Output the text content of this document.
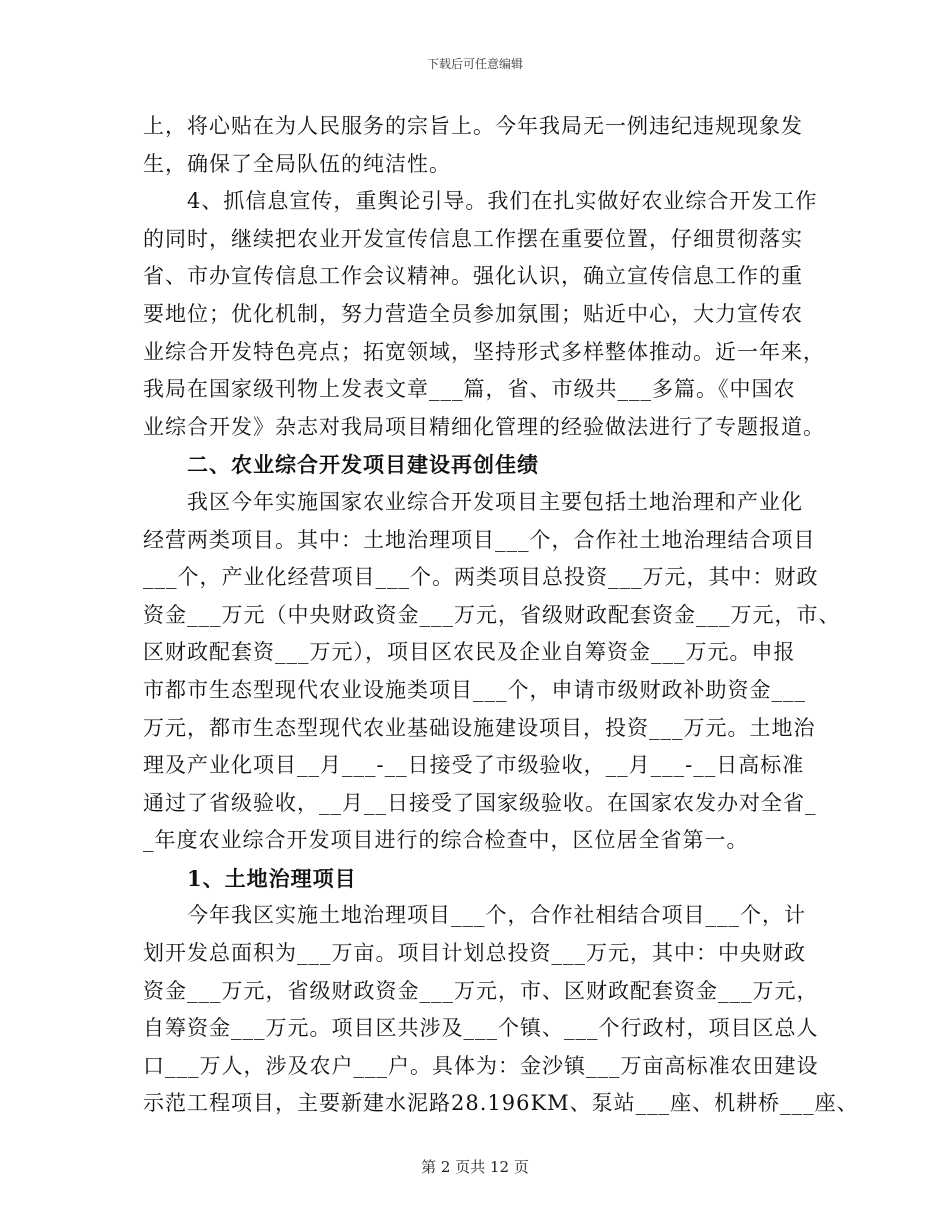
下载后可任意编辑
上，将心贴在为人民服务的宗旨上。今年我局无一例违纪违规现象发
生，确保了全局队伍的纯洁性。
4、抓信息宣传，重舆论引导。我们在扎实做好农业综合开发工作
的同时，继续把农业开发宣传信息工作摆在重要位置，仔细贯彻落实
省、市办宣传信息工作会议精神。强化认识，确立宣传信息工作的重
要地位；优化机制，努力营造全员参加氛围；贴近中心，大力宣传农
业综合开发特色亮点；拓宽领域，坚持形式多样整体推动。近一年来，
我局在国家级刊物上发表文章___篇，省、市级共___多篇。《中国农
业综合开发》杂志对我局项目精细化管理的经验做法进行了专题报道。
二、农业综合开发项目建设再创佳绩
我区今年实施国家农业综合开发项目主要包括土地治理和产业化
经营两类项目。其中：土地治理项目___个，合作社土地治理结合项目
___个，产业化经营项目___个。两类项目总投资___万元，其中：财政
资金___万元（中央财政资金___万元，省级财政配套资金___万元，市、
区财政配套资___万元），项目区农民及企业自筹资金___万元。申报
市都市生态型现代农业设施类项目___个，申请市级财政补助资金___
万元，都市生态型现代农业基础设施建设项目，投资___万元。土地治
理及产业化项目__月___-__日接受了市级验收，__月___-__日高标准
通过了省级验收，__月__日接受了国家级验收。在国家农发办对全省_
_年度农业综合开发项目进行的综合检查中，区位居全省第一。
1、土地治理项目
今年我区实施土地治理项目___个，合作社相结合项目___个，计
划开发总面积为___万亩。项目计划总投资___万元，其中：中央财政
资金___万元，省级财政资金___万元，市、区财政配套资金___万元，
自筹资金___万元。项目区共涉及___个镇、___个行政村，项目区总人
口___万人，涉及农户___户。具体为：金沙镇___万亩高标准农田建设
示范工程项目，主要新建水泥路28.196KM、泵站___座、机耕桥___座、
第 2 页共 12 页
